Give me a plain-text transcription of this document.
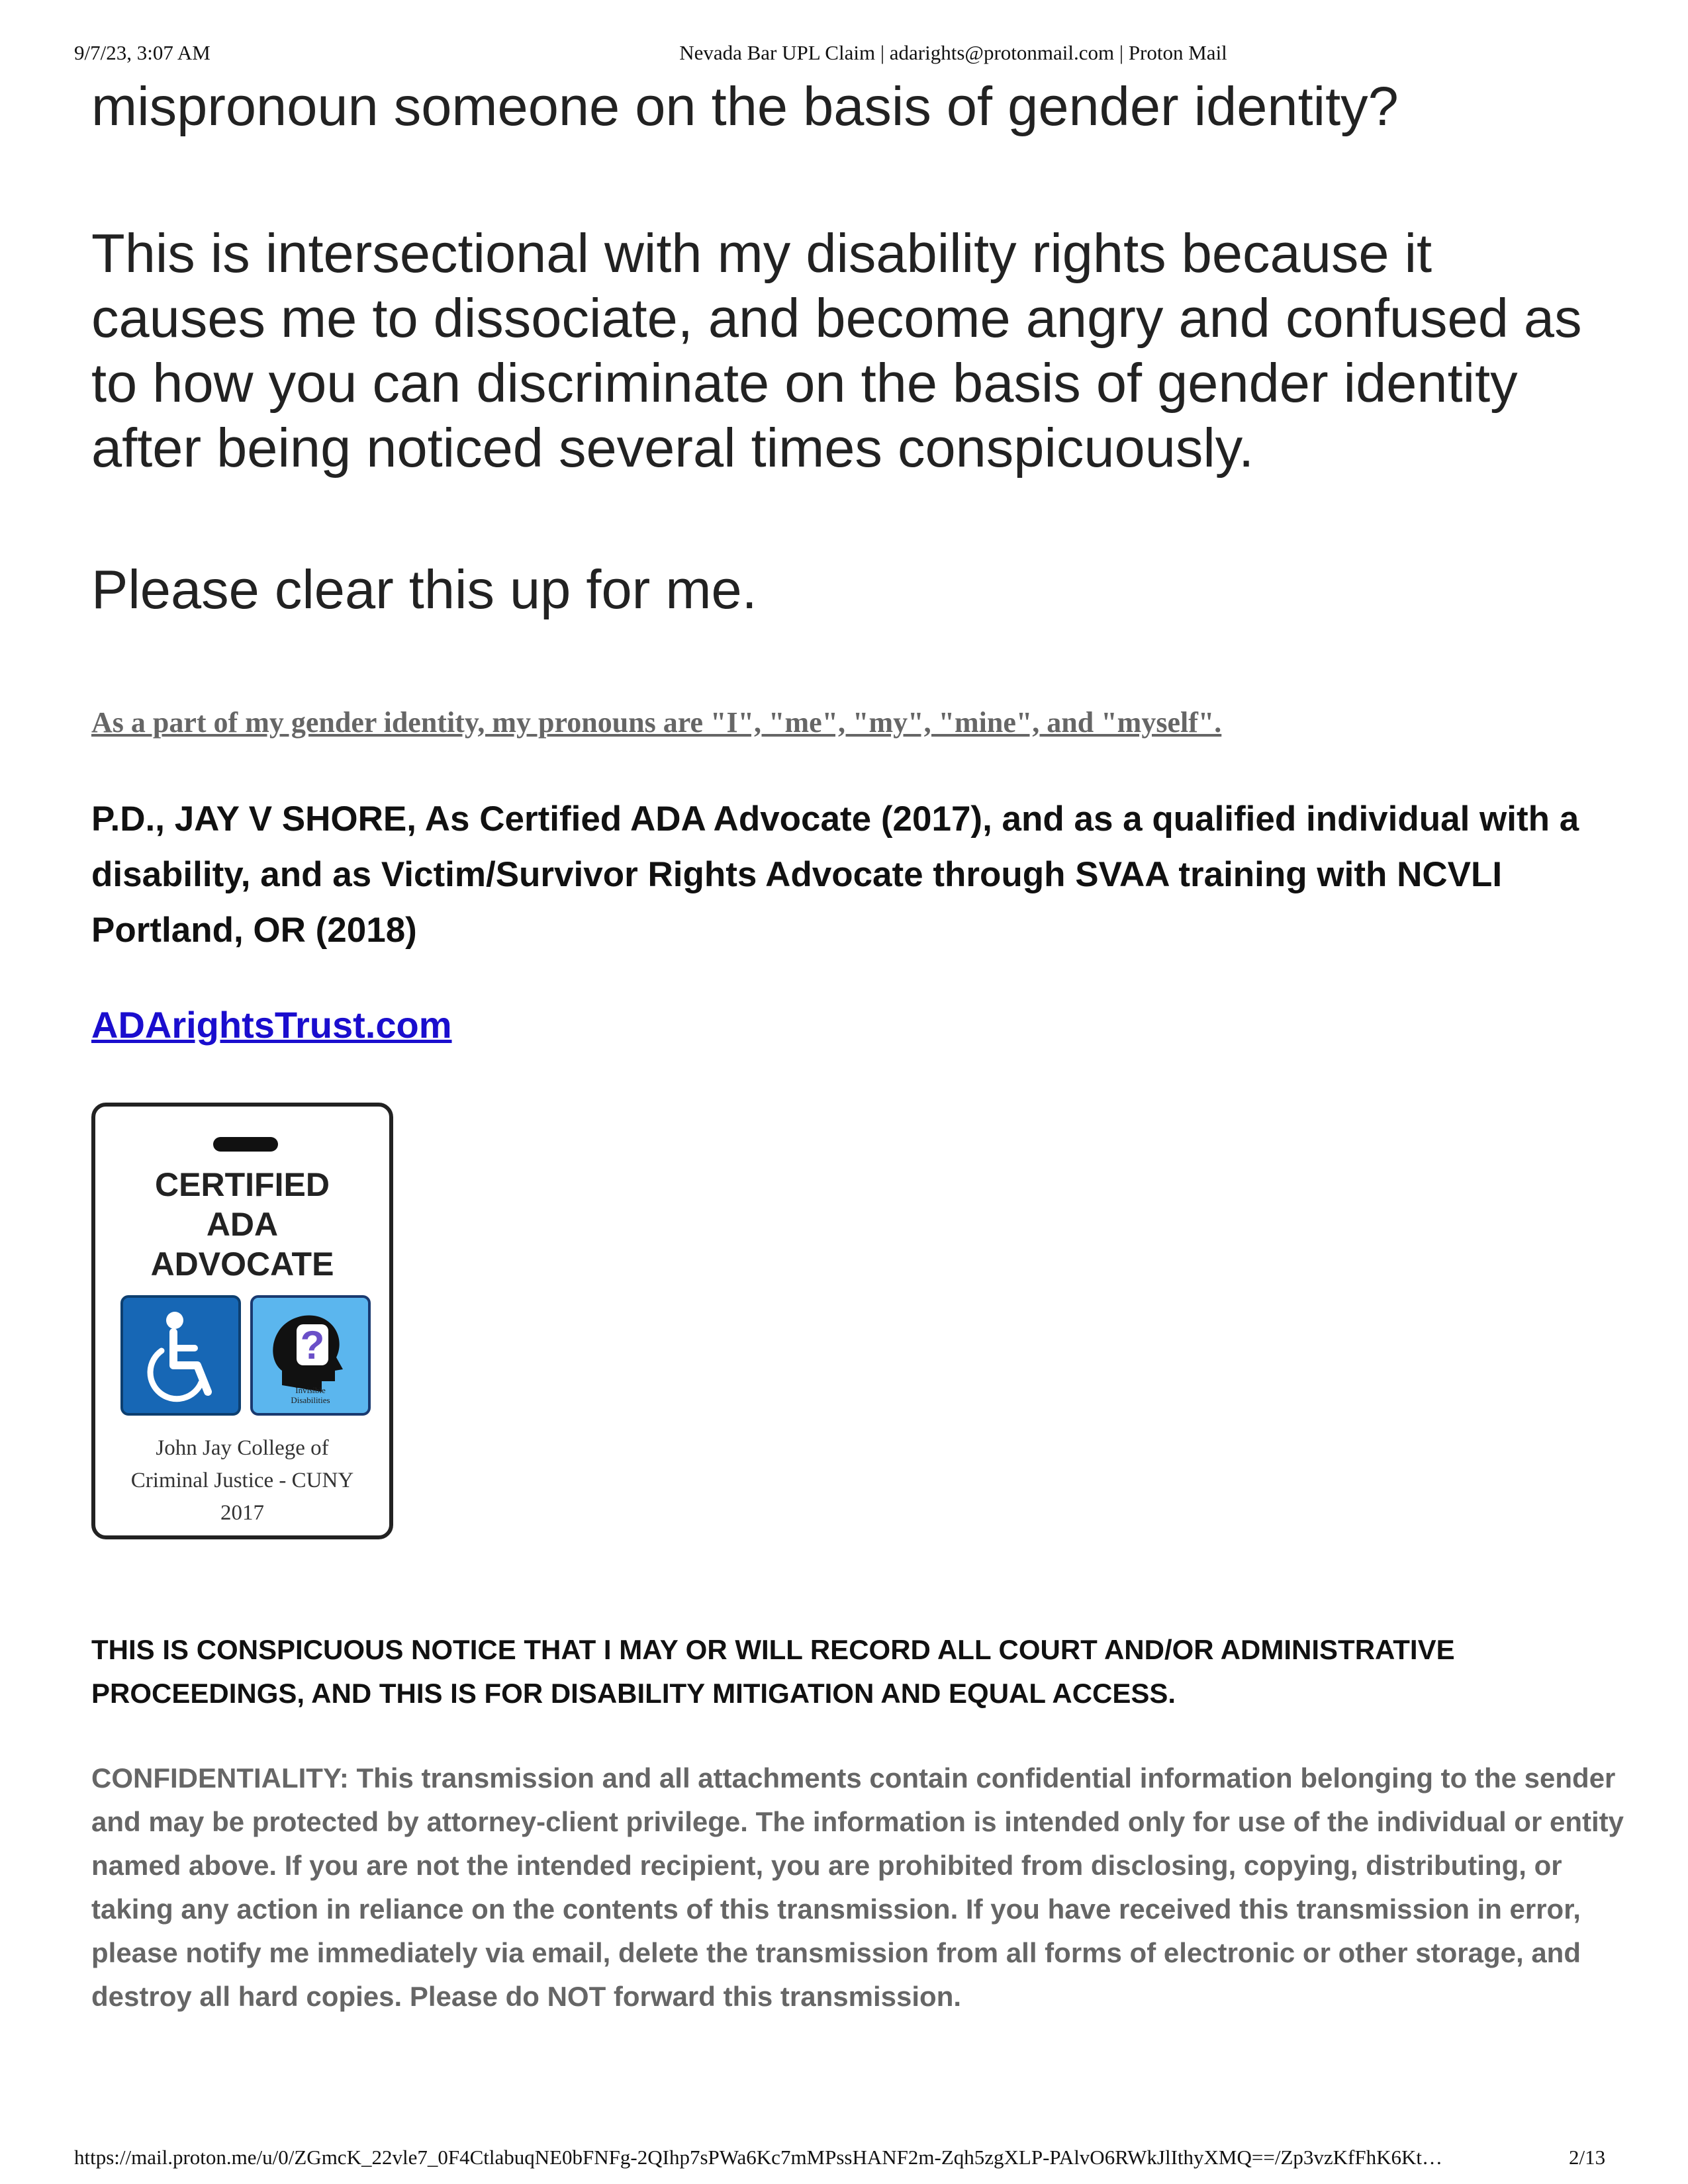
9/7/23, 3:07 AM	Nevada Bar UPL Claim | adarights@protonmail.com | Proton Mail
mispronoun someone on the basis of gender identity?
This is intersectional with my disability rights because it causes me to dissociate, and become angry and confused as to how you can discriminate on the basis of gender identity after being noticed several times conspicuously.
Please clear this up for me.
As a part of my gender identity, my pronouns are "I", "me", "my", "mine", and "myself".
P.D., JAY V SHORE, As Certified ADA Advocate (2017), and as a qualified individual with a disability, and as Victim/Survivor Rights Advocate through SVAA training with NCVLI Portland, OR (2018)
ADArightsTrust.com
CERTIFIED
ADA
ADVOCATE
?
Invisible
Disabilities
John Jay College of
Criminal Justice - CUNY
2017
THIS IS CONSPICUOUS NOTICE THAT I MAY OR WILL RECORD ALL COURT AND/OR ADMINISTRATIVE PROCEEDINGS, AND THIS IS FOR DISABILITY MITIGATION AND EQUAL ACCESS.
CONFIDENTIALITY: This transmission and all attachments contain confidential information belonging to the sender and may be protected by attorney-client privilege. The information is intended only for use of the individual or entity named above. If you are not the intended recipient, you are prohibited from disclosing, copying, distributing, or taking any action in reliance on the contents of this transmission. If you have received this transmission in error, please notify me immediately via email, delete the transmission from all forms of electronic or other storage, and destroy all hard copies. Please do NOT forward this transmission.
https://mail.proton.me/u/0/ZGmcK_22vle7_0F4CtlabuqNE0bFNFg-2QIhp7sPWa6Kc7mMPssHANF2m-Zqh5zgXLP-PAlvO6RWkJlIthyXMQ==/Zp3vzKfFhK6Kt…	2/13
